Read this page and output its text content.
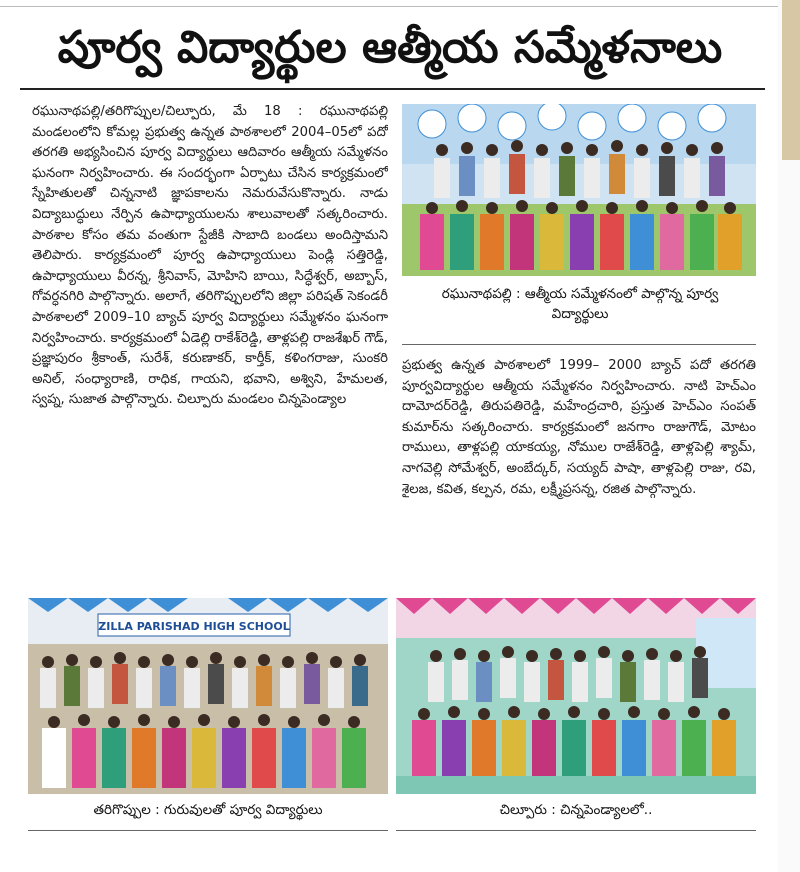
పూర్వ విద్యార్థుల ఆత్మీయ సమ్మేళనాలు
రఘునాథపల్లి/తరిగొప్పుల/చిల్పూరు, మే 18 : రఘునాథపల్లి మండలంలోని కోమల్ల ప్రభుత్వ ఉన్నత పాఠశాలలో 2004–05లో పదో తరగతి అభ్యసించిన పూర్వ విద్యార్థులు ఆదివారం ఆత్మీయ సమ్మేళనం ఘనంగా నిర్వహించారు. ఈ సందర్భంగా ఏర్పాటు చేసిన కార్యక్రమంలో స్నేహితులతో చిన్ననాటి జ్ఞాపకాలను నెమరువేసుకొన్నారు. నాడు విద్యాబుద్ధులు నేర్పిన ఉపాధ్యాయులను శాలువాలతో సత్కరించారు. పాఠశాల కోసం తమ వంతుగా స్టేజీకి సాబాది బండలు అందిస్తామని తెలిపారు. కార్యక్రమంలో పూర్వ ఉపాధ్యాయులు పెండ్లి సత్తిరెడ్డి, ఉపాధ్యాయులు వీరన్న, శ్రీనివాస్, మోహిని బాయి, సిద్ధేశ్వర్, అబ్బాస్, గోవర్ధనగిరి పాల్గొన్నారు. అలాగే, తరిగొప్పులలోని జిల్లా పరిషత్ సెకండరీ పాఠశాలలో 2009–10 బ్యాచ్ పూర్వ విద్యార్థులు సమ్మేళనం ఘనంగా నిర్వహించారు. కార్యక్రమంలో ఏడెల్లి రాకేశ్‌రెడ్డి, తాళ్లపల్లి రాజశేఖర్ గౌడ్, ప్రజ్ఞాపురం శ్రీకాంత్, సురేశ్, కరుణాకర్, కార్తీక్, కళింగరాజు, సుంకరి అనిల్, సంధ్యారాణి, రాధిక, గాయని, భవాని, అశ్విని, హేమలత, స్వప్న, సుజాత పాల్గొన్నారు. చిల్పూరు మండలం చిన్నపెండ్యాల
రఘునాథపల్లి : ఆత్మీయ సమ్మేళనంలో పాల్గొన్న పూర్వ విద్యార్థులు
ప్రభుత్వ ఉన్నత పాఠశాలలో 1999– 2000 బ్యాచ్ పదో తరగతి పూర్వవిద్యార్థుల ఆత్మీయ సమ్మేళనం నిర్వహించారు. నాటి హెచ్‌ఎం దామోదర్‌రెడ్డి, తిరుపతిరెడ్డి, మహేంద్రచారి, ప్రస్తుత హెచ్‌ఎం సంపత్ కుమార్‌ను సత్కరించారు. కార్యక్రమంలో జనగాం రాజుగౌడ్, మోటం రాములు, తాళ్లపల్లి యాకయ్య, నోముల రాజేశ్‌రెడ్డి, తాళ్లపెల్లి శ్యామ్, నాగవెల్లి సోమేశ్వర్, అంబేద్కర్, సయ్యద్ పాషా, తాళ్లపెల్లి రాజు, రవి, శైలజ, కవిత, కల్పన, రమ, లక్ష్మీప్రసన్న, రజిత పాల్గొన్నారు.
ZILLA PARISHAD HIGH SCHOOL
తరిగొప్పుల : గురువులతో పూర్వ విద్యార్థులు	చిల్పూరు : చిన్నపెండ్యాలలో..
